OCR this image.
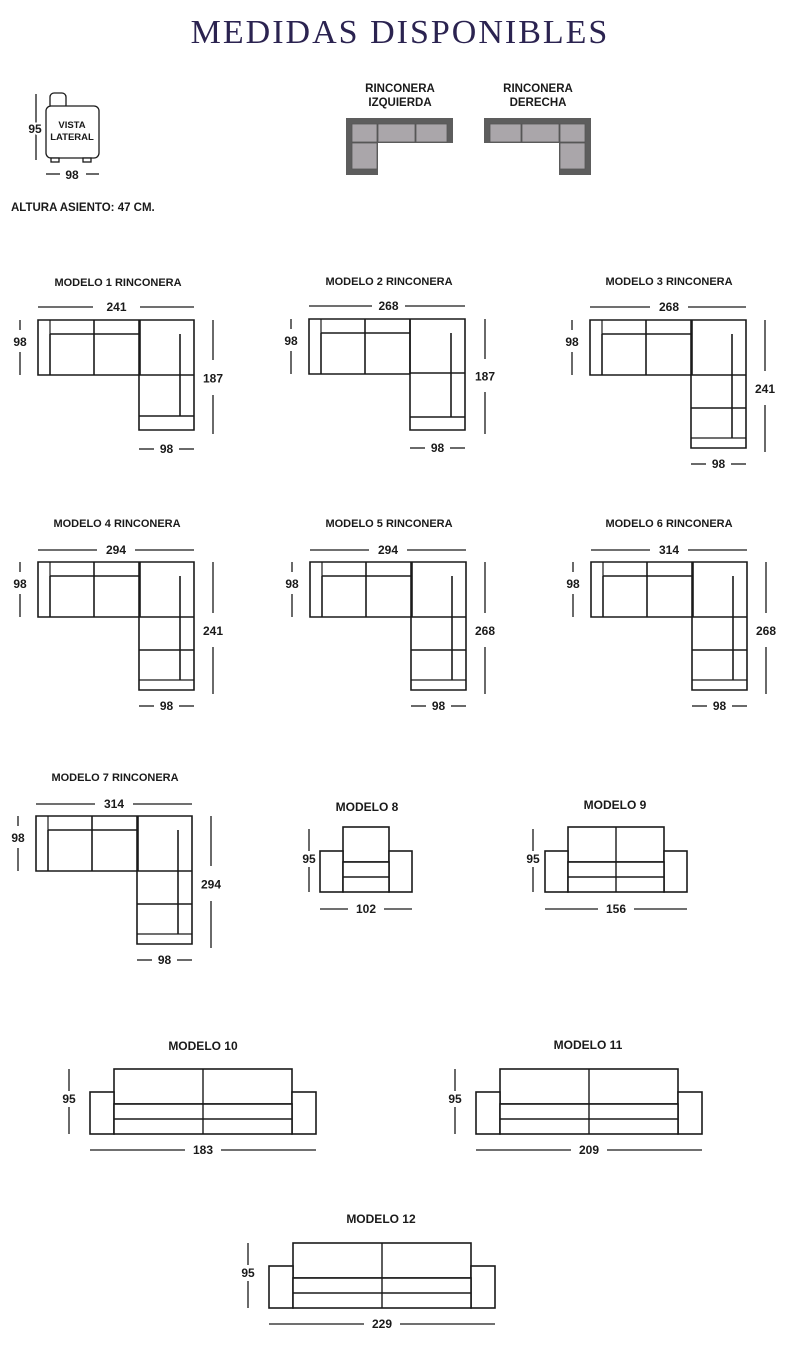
MEDIDAS DISPONIBLES
VISTA
LATERAL
95
98
RINCONERA
IZQUIERDA
RINCONERA
DERECHA
ALTURA ASIENTO: 47 CM.
MODELO 1 RINCONERA
241
98
187
98
MODELO 2 RINCONERA
268
98
187
98
MODELO 3 RINCONERA
268
98
241
98
MODELO 4 RINCONERA
294
98
241
98
MODELO 5 RINCONERA
294
98
268
98
MODELO 6 RINCONERA
314
98
268
98
MODELO 7 RINCONERA
314
98
294
98
MODELO 8
95
102
MODELO 9
95
156
MODELO 10
95
183
MODELO 11
95
209
MODELO 12
95
229
